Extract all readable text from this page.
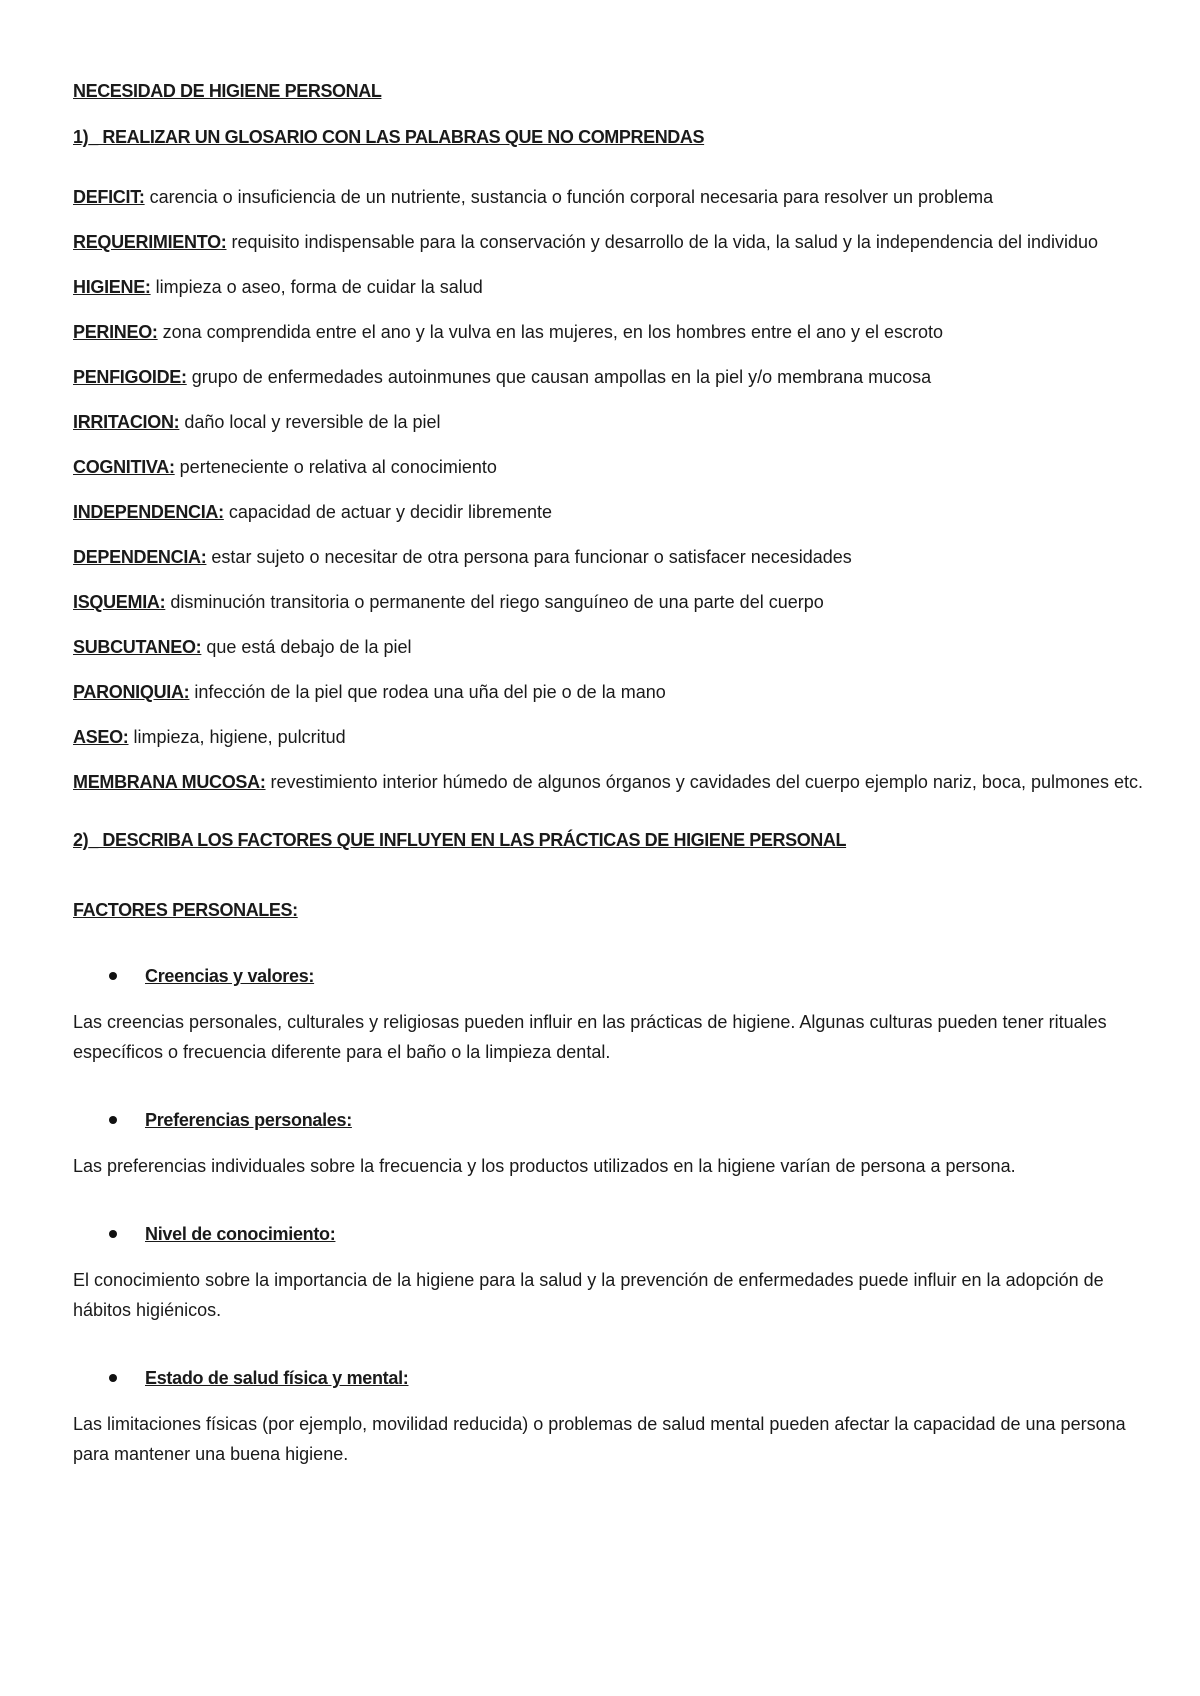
NECESIDAD DE HIGIENE PERSONAL
1)_ REALIZAR UN GLOSARIO CON LAS PALABRAS QUE NO COMPRENDAS
DEFICIT: carencia o insuficiencia de un nutriente, sustancia o función corporal necesaria para resolver un problema
REQUERIMIENTO: requisito indispensable para la conservación y desarrollo de la vida, la salud y la independencia del individuo
HIGIENE: limpieza o aseo, forma de cuidar la salud
PERINEO: zona comprendida entre el ano y la vulva en las mujeres, en los hombres entre el ano y el escroto
PENFIGOIDE: grupo de enfermedades autoinmunes que causan ampollas en la piel y/o membrana mucosa
IRRITACION: daño local y reversible de la piel
COGNITIVA: perteneciente o relativa al conocimiento
INDEPENDENCIA: capacidad de actuar y decidir libremente
DEPENDENCIA: estar sujeto o necesitar de otra persona para funcionar o satisfacer necesidades
ISQUEMIA: disminución transitoria o permanente del riego sanguíneo de una parte del cuerpo
SUBCUTANEO: que está debajo de la piel
PARONIQUIA: infección de la piel que rodea una uña del pie o de la mano
ASEO: limpieza, higiene, pulcritud
MEMBRANA MUCOSA: revestimiento interior húmedo de algunos órganos y cavidades del cuerpo ejemplo nariz, boca, pulmones etc.
2)_ DESCRIBA LOS FACTORES QUE INFLUYEN EN LAS PRÁCTICAS DE HIGIENE PERSONAL
FACTORES PERSONALES:
Creencias y valores:
Las creencias personales, culturales y religiosas pueden influir en las prácticas de higiene. Algunas culturas pueden tener rituales específicos o frecuencia diferente para el baño o la limpieza dental.
Preferencias personales:
Las preferencias individuales sobre la frecuencia y los productos utilizados en la higiene varían de persona a persona.
Nivel de conocimiento:
El conocimiento sobre la importancia de la higiene para la salud y la prevención de enfermedades puede influir en la adopción de hábitos higiénicos.
Estado de salud física y mental:
Las limitaciones físicas (por ejemplo, movilidad reducida) o problemas de salud mental pueden afectar la capacidad de una persona para mantener una buena higiene.
